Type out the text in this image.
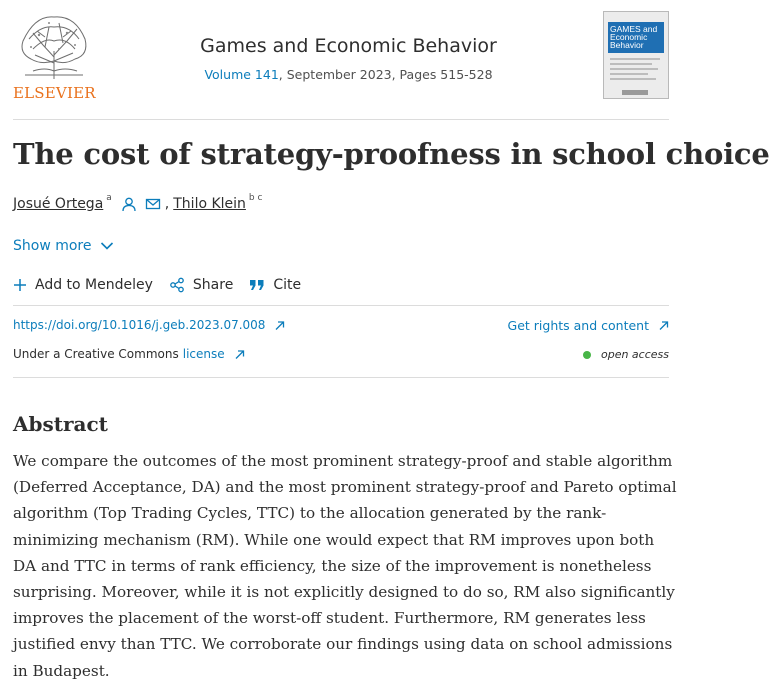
ELSEVIER
Games and Economic Behavior
Volume 141, September 2023, Pages 515-528
GAMES and Economic Behavior
The cost of strategy-proofness in school choice
Josué Ortega a	, Thilo Klein b c
Show more
Add to Mendeley	Share	Cite
https://doi.org/10.1016/j.geb.2023.07.008	Get rights and content
Under a Creative Commons license	open access
Abstract

We compare the outcomes of the most prominent strategy-proof and stable algorithm (Deferred Acceptance, DA) and the most prominent strategy-proof and Pareto optimal algorithm (Top Trading Cycles, TTC) to the allocation generated by the rank-minimizing mechanism (RM). While one would expect that RM improves upon both DA and TTC in terms of rank efficiency, the size of the improvement is nonetheless surprising. Moreover, while it is not explicitly designed to do so, RM also significantly improves the placement of the worst-off student. Furthermore, RM generates less justified envy than TTC. We corroborate our findings using data on school admissions in Budapest.
